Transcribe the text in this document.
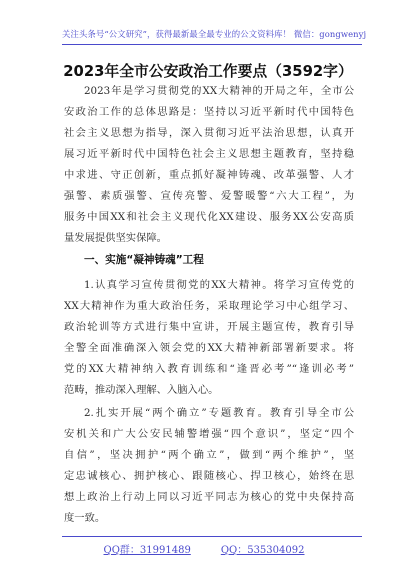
关注头条号“公文研究”，获得最新最全最专业的公文资料库！ 微信：gongwenyj
2023年全市公安政治工作要点（3592字）
2023年是学习贯彻党的XX大精神的开局之年，全市公
安政治工作的总体思路是：坚持以习近平新时代中国特色
社会主义思想为指导，深入贯彻习近平法治思想，认真开
展习近平新时代中国特色社会主义思想主题教育，坚持稳
中求进、守正创新，重点抓好凝神铸魂、改革强警、人才
强警、素质强警、宣传亮警、爱警暖警“六大工程”，为
服务中国XX和社会主义现代化XX建设、服务XX公安高质
量发展提供坚实保障。
一、实施“凝神铸魂”工程
1.认真学习宣传贯彻党的XX大精神。将学习宣传党的
XX大精神作为重大政治任务，采取理论学习中心组学习、
政治轮训等方式进行集中宣讲，开展主题宣传，教育引导
全警全面准确深入领会党的XX大精神新部署新要求。将
党的XX大精神纳入教育训练和“逢晋必考”“逢训必考”
范畴，推动深入理解、入脑入心。
2.扎实开展“两个确立”专题教育。教育引导全市公
安机关和广大公安民辅警增强“四个意识”，坚定“四个
自信”，坚决拥护“两个确立”，做到“两个维护”，坚
定忠诚核心、拥护核心、跟随核心、捍卫核心，始终在思
想上政治上行动上同以习近平同志为核心的党中央保持高
度一致。
QQ群：31991489	QQ：535304092
